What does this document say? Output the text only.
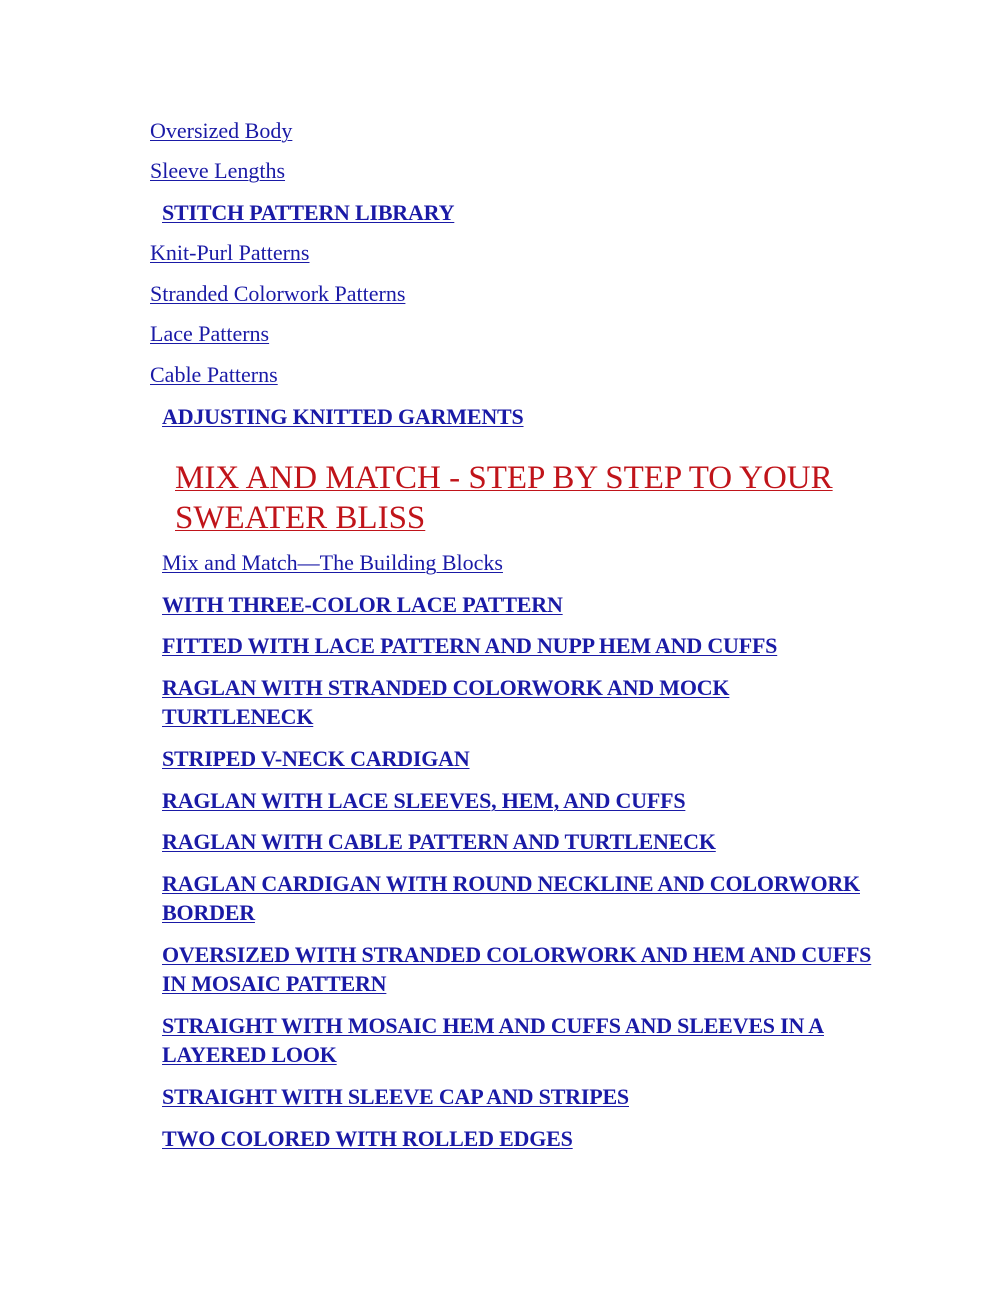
Oversized Body

Sleeve Lengths

STITCH PATTERN LIBRARY

Knit-Purl Patterns

Stranded Colorwork Patterns

Lace Patterns

Cable Patterns

ADJUSTING KNITTED GARMENTS

MIX AND MATCH - STEP BY STEP TO YOUR SWEATER BLISS

Mix and Match—The Building Blocks

WITH THREE-COLOR LACE PATTERN

FITTED WITH LACE PATTERN AND NUPP HEM AND CUFFS

RAGLAN WITH STRANDED COLORWORK AND MOCK TURTLENECK

STRIPED V-NECK CARDIGAN

RAGLAN WITH LACE SLEEVES, HEM, AND CUFFS

RAGLAN WITH CABLE PATTERN AND TURTLENECK

RAGLAN CARDIGAN WITH ROUND NECKLINE AND COLORWORK BORDER

OVERSIZED WITH STRANDED COLORWORK AND HEM AND CUFFS IN MOSAIC PATTERN

STRAIGHT WITH MOSAIC HEM AND CUFFS AND SLEEVES IN A LAYERED LOOK

STRAIGHT WITH SLEEVE CAP AND STRIPES

TWO COLORED WITH ROLLED EDGES
